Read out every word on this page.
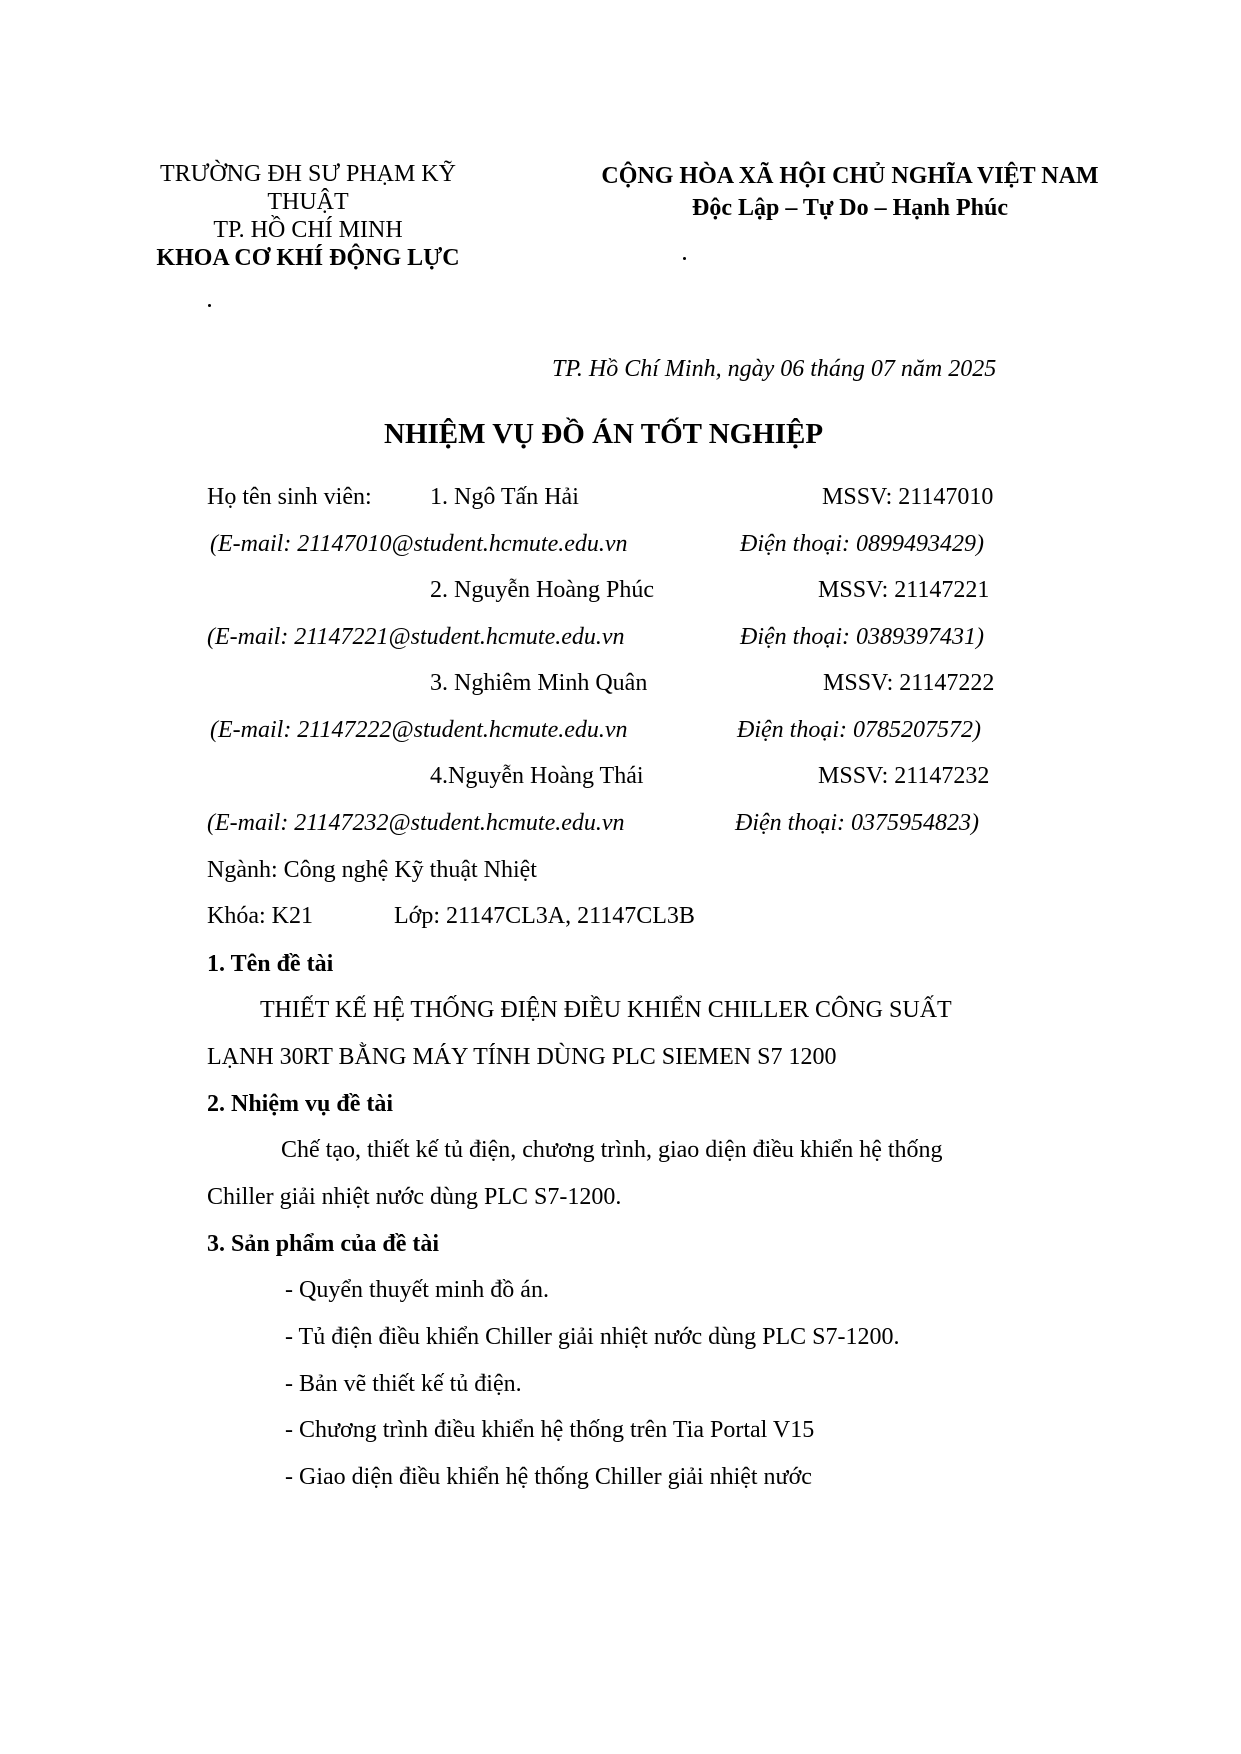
TRƯỜNG ĐH SƯ PHẠM KỸ
THUẬT
TP. HỒ CHÍ MINH
KHOA CƠ KHÍ ĐỘNG LỰC
CỘNG HÒA XÃ HỘI CHỦ NGHĨA VIỆT NAM
Độc Lập – Tự Do – Hạnh Phúc
TP. Hồ Chí Minh, ngày 06 tháng 07 năm 2025
NHIỆM VỤ ĐỒ ÁN TỐT NGHIỆP
Họ tên sinh viên: 1. Ngô Tấn Hải	MSSV: 21147010
(E-mail: 21147010@student.hcmute.edu.vn	Điện thoại: 0899493429)
2. Nguyễn Hoàng Phúc	MSSV: 21147221
(E-mail: 21147221@student.hcmute.edu.vn	Điện thoại: 0389397431)
3. Nghiêm Minh Quân	MSSV: 21147222
(E-mail: 21147222@student.hcmute.edu.vn	Điện thoại: 0785207572)
4.Nguyễn Hoàng Thái	MSSV: 21147232
(E-mail: 21147232@student.hcmute.edu.vn	Điện thoại: 0375954823)
Ngành: Công nghệ Kỹ thuật Nhiệt
Khóa: K21	Lớp: 21147CL3A, 21147CL3B
1. Tên đề tài
THIẾT KẾ HỆ THỐNG ĐIỆN ĐIỀU KHIỂN CHILLER CÔNG SUẤT
LẠNH 30RT BẰNG MÁY TÍNH DÙNG PLC SIEMEN S7 1200
2. Nhiệm vụ đề tài
Chế tạo, thiết kế tủ điện, chương trình, giao diện điều khiển hệ thống
Chiller giải nhiệt nước dùng PLC S7-1200.
3. Sản phẩm của đề tài
- Quyển thuyết minh đồ án.
- Tủ điện điều khiển Chiller giải nhiệt nước dùng PLC S7-1200.
- Bản vẽ thiết kế tủ điện.
- Chương trình điều khiển hệ thống trên Tia Portal V15
- Giao diện điều khiển hệ thống Chiller giải nhiệt nước
